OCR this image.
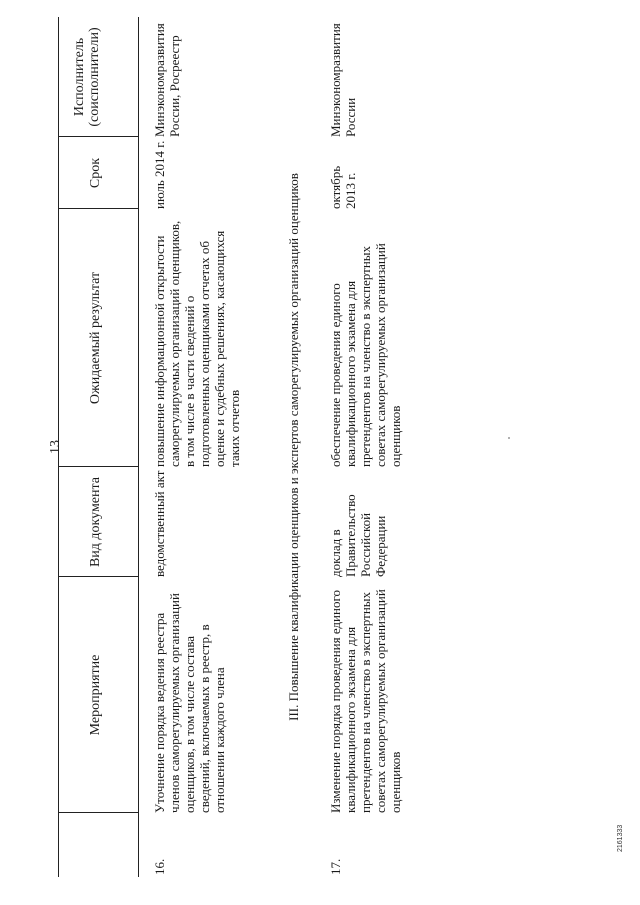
13
Мероприятие
Вид документа
Ожидаемый результат
Срок
Исполнитель (соисполнители)
16.
Уточнение порядка ведения реестра членов саморегулируемых организаций оценщиков, в том числе состава сведений, включаемых в реестр, в отношении каждого члена
ведомственный акт
повышение информационной открытости саморегулируемых организаций оценщиков, в том числе в части сведений о подготовленных оценщиками отчетах об оценке и судебных решениях, касающихся таких отчетов
июль 2014 г.
Минэкономразвития России, Росреестр
III. Повышение квалификации оценщиков и экспертов саморегулируемых организаций оценщиков
17.
Изменение порядка проведения единого квалификационного экзамена для претендентов на членство в экспертных советах саморегулируемых организаций оценщиков
доклад в Правительство Российской Федерации
обеспечение проведения единого квалификационного экзамена для претендентов на членство в экспертных советах саморегулируемых организаций оценщиков
октябрь 2013 г.
Минэкономразвития России
2161333
